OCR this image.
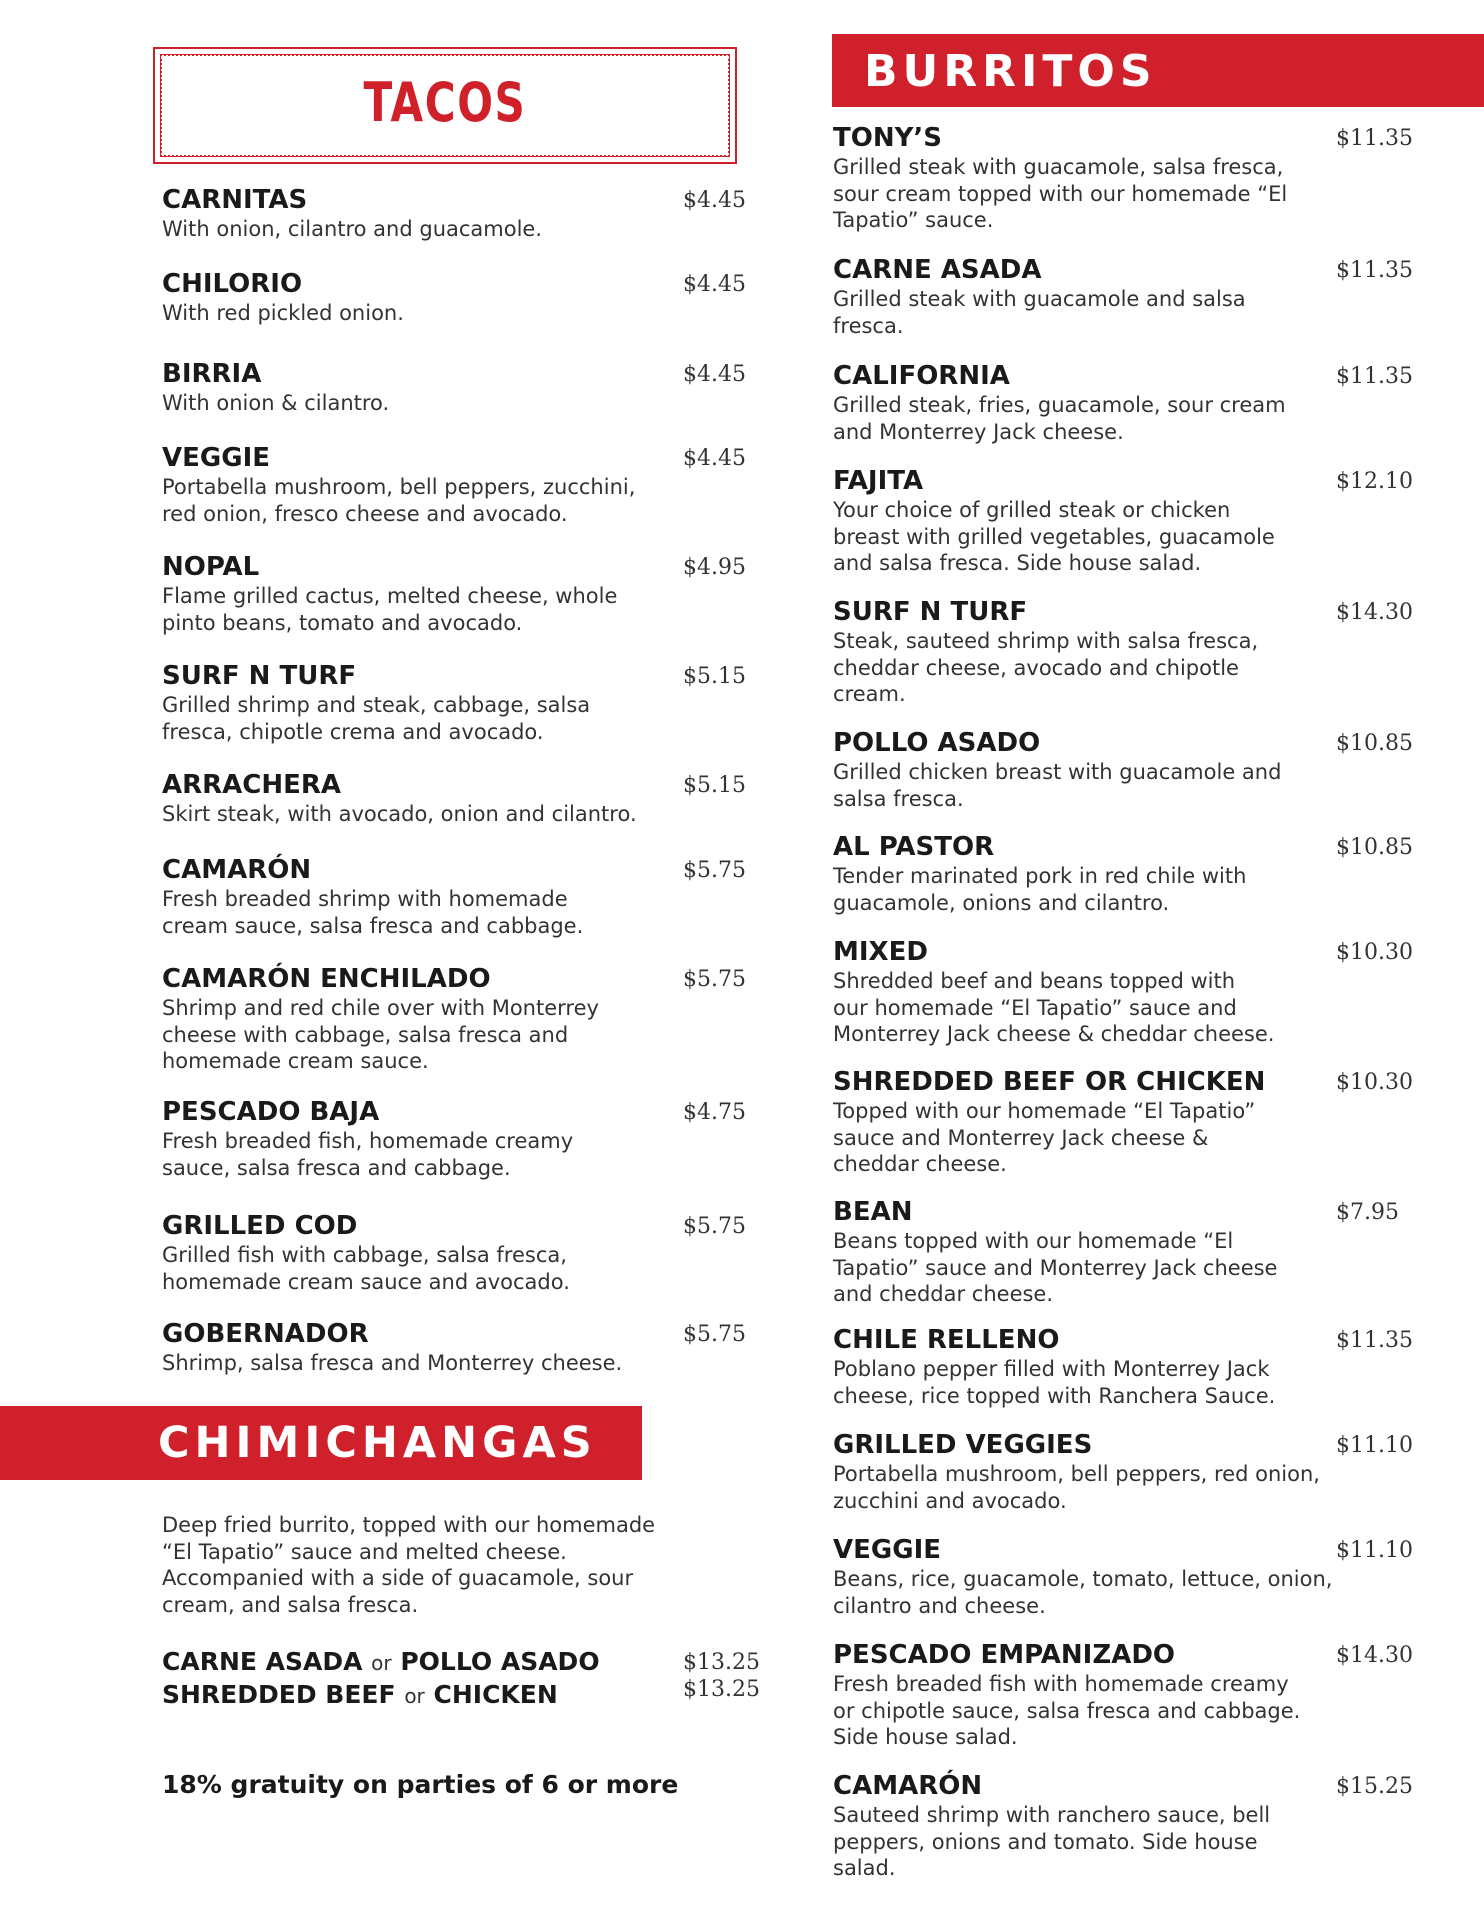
TACOS
CARNITAS
With onion, cilantro and guacamole.
$4.45
CHILORIO
With red pickled onion.
$4.45
BIRRIA
With onion & cilantro.
$4.45
VEGGIE
Portabella mushroom, bell peppers, zucchini,
red onion, fresco cheese and avocado.
$4.45
NOPAL
Flame grilled cactus, melted cheese, whole
pinto beans, tomato and avocado.
$4.95
SURF N TURF
Grilled shrimp and steak, cabbage, salsa
fresca, chipotle crema and avocado.
$5.15
ARRACHERA
Skirt steak, with avocado, onion and cilantro.
$5.15
CAMARÓN
Fresh breaded shrimp with homemade
cream sauce, salsa fresca and cabbage.
$5.75
CAMARÓN ENCHILADO
Shrimp and red chile over with Monterrey
cheese with cabbage, salsa fresca and
homemade cream sauce.
$5.75
PESCADO BAJA
Fresh breaded fish, homemade creamy
sauce, salsa fresca and cabbage.
$4.75
GRILLED COD
Grilled fish with cabbage, salsa fresca,
homemade cream sauce and avocado.
$5.75
GOBERNADOR
Shrimp, salsa fresca and Monterrey cheese.
$5.75
CHIMICHANGAS
Deep fried burrito, topped with our homemade
“El Tapatio” sauce and melted cheese.
Accompanied with a side of guacamole, sour
cream, and salsa fresca.
CARNE ASADA or POLLO ASADO	$13.25
SHREDDED BEEF or CHICKEN	$13.25
18% gratuity on parties of 6 or more
BURRITOS
TONY’S
Grilled steak with guacamole, salsa fresca,
sour cream topped with our homemade “El
Tapatio” sauce.
$11.35
CARNE ASADA
Grilled steak with guacamole and salsa
fresca.
$11.35
CALIFORNIA
Grilled steak, fries, guacamole, sour cream
and Monterrey Jack cheese.
$11.35
FAJITA
Your choice of grilled steak or chicken
breast with grilled vegetables, guacamole
and salsa fresca. Side house salad.
$12.10
SURF N TURF
Steak, sauteed shrimp with salsa fresca,
cheddar cheese, avocado and chipotle
cream.
$14.30
POLLO ASADO
Grilled chicken breast with guacamole and
salsa fresca.
$10.85
AL PASTOR
Tender marinated pork in red chile with
guacamole, onions and cilantro.
$10.85
MIXED
Shredded beef and beans topped with
our homemade “El Tapatio” sauce and
Monterrey Jack cheese & cheddar cheese.
$10.30
SHREDDED BEEF OR CHICKEN
Topped with our homemade “El Tapatio”
sauce and Monterrey Jack cheese &
cheddar cheese.
$10.30
BEAN
Beans topped with our homemade “El
Tapatio” sauce and Monterrey Jack cheese
and cheddar cheese.
$7.95
CHILE RELLENO
Poblano pepper filled with Monterrey Jack
cheese, rice topped with Ranchera Sauce.
$11.35
GRILLED VEGGIES
Portabella mushroom, bell peppers, red onion,
zucchini and avocado.
$11.10
VEGGIE
Beans, rice, guacamole, tomato, lettuce, onion,
cilantro and cheese.
$11.10
PESCADO EMPANIZADO
Fresh breaded fish with homemade creamy
or chipotle sauce, salsa fresca and cabbage.
Side house salad.
$14.30
CAMARÓN
Sauteed shrimp with ranchero sauce, bell
peppers, onions and tomato. Side house
salad.
$15.25
